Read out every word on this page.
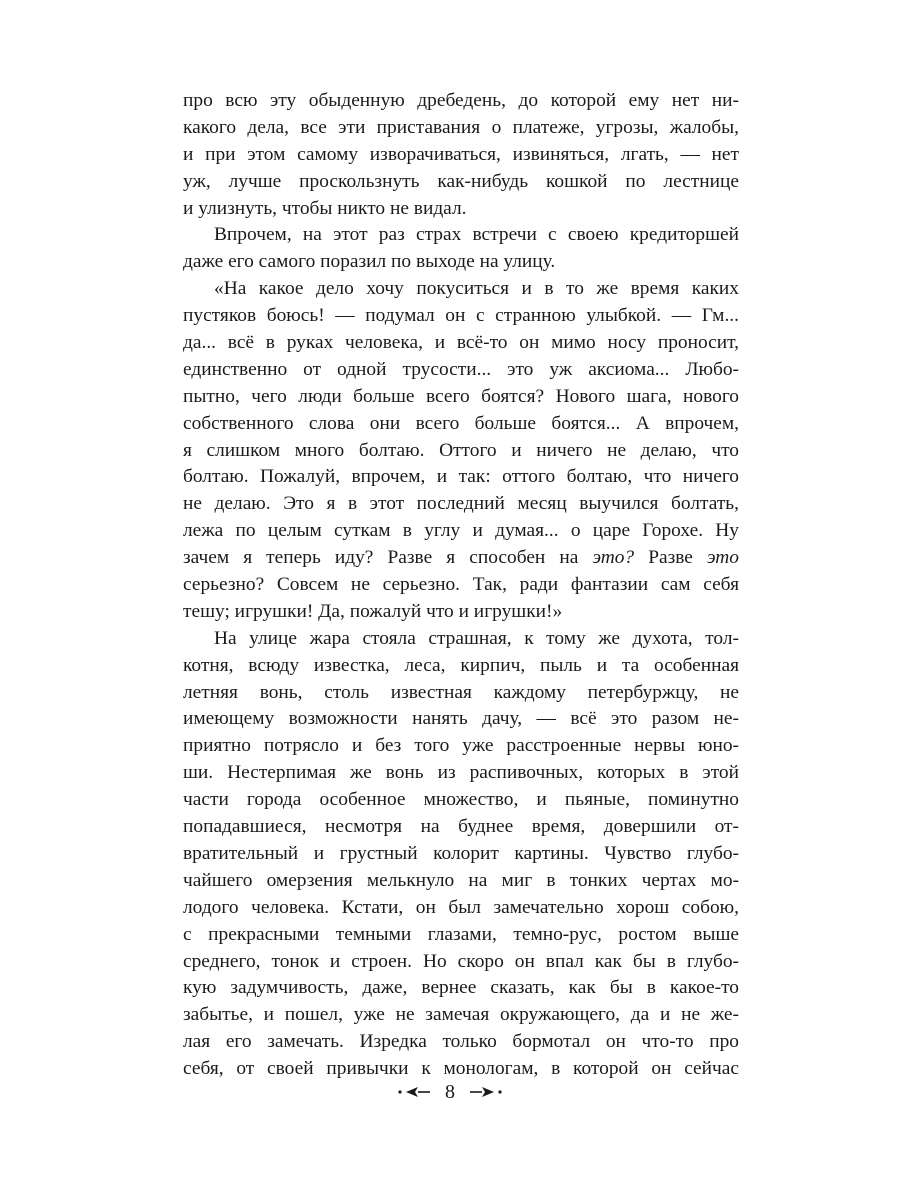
про всю эту обыденную дребедень, до которой ему нет ни-
какого дела, все эти приставания о платеже, угрозы, жалобы,
и при этом самому изворачиваться, извиняться, лгать, — нет
уж, лучше проскользнуть как-нибудь кошкой по лестнице
и улизнуть, чтобы никто не видал.
Впрочем, на этот раз страх встречи с своею кредиторшей
даже его самого поразил по выходе на улицу.
«На какое дело хочу покуситься и в то же время каких
пустяков боюсь! — подумал он с странною улыбкой. — Гм...
да... всё в руках человека, и всё-то он мимо носу проносит,
единственно от одной трусости... это уж аксиома... Любо-
пытно, чего люди больше всего боятся? Нового шага, нового
собственного слова они всего больше боятся... А впрочем,
я слишком много болтаю. Оттого и ничего не делаю, что
болтаю. Пожалуй, впрочем, и так: оттого болтаю, что ничего
не делаю. Это я в этот последний месяц выучился болтать,
лежа по целым суткам в углу и думая... о царе Горохе. Ну
зачем я теперь иду? Разве я способен на это? Разве это
серьезно? Совсем не серьезно. Так, ради фантазии сам себя
тешу; игрушки! Да, пожалуй что и игрушки!»
На улице жара стояла страшная, к тому же духота, тол-
котня, всюду известка, леса, кирпич, пыль и та особенная
летняя вонь, столь известная каждому петербуржцу, не
имеющему возможности нанять дачу, — всё это разом не-
приятно потрясло и без того уже расстроенные нервы юно-
ши. Нестерпимая же вонь из распивочных, которых в этой
части города особенное множество, и пьяные, поминутно
попадавшиеся, несмотря на буднее время, довершили от-
вратительный и грустный колорит картины. Чувство глубо-
чайшего омерзения мелькнуло на миг в тонких чертах мо-
лодого человека. Кстати, он был замечательно хорош собою,
с прекрасными темными глазами, темно-рус, ростом выше
среднего, тонок и строен. Но скоро он впал как бы в глубо-
кую задумчивость, даже, вернее сказать, как бы в какое-то
забытье, и пошел, уже не замечая окружающего, да и не же-
лая его замечать. Изредка только бормотал он что-то про
себя, от своей привычки к монологам, в которой он сейчас
8
